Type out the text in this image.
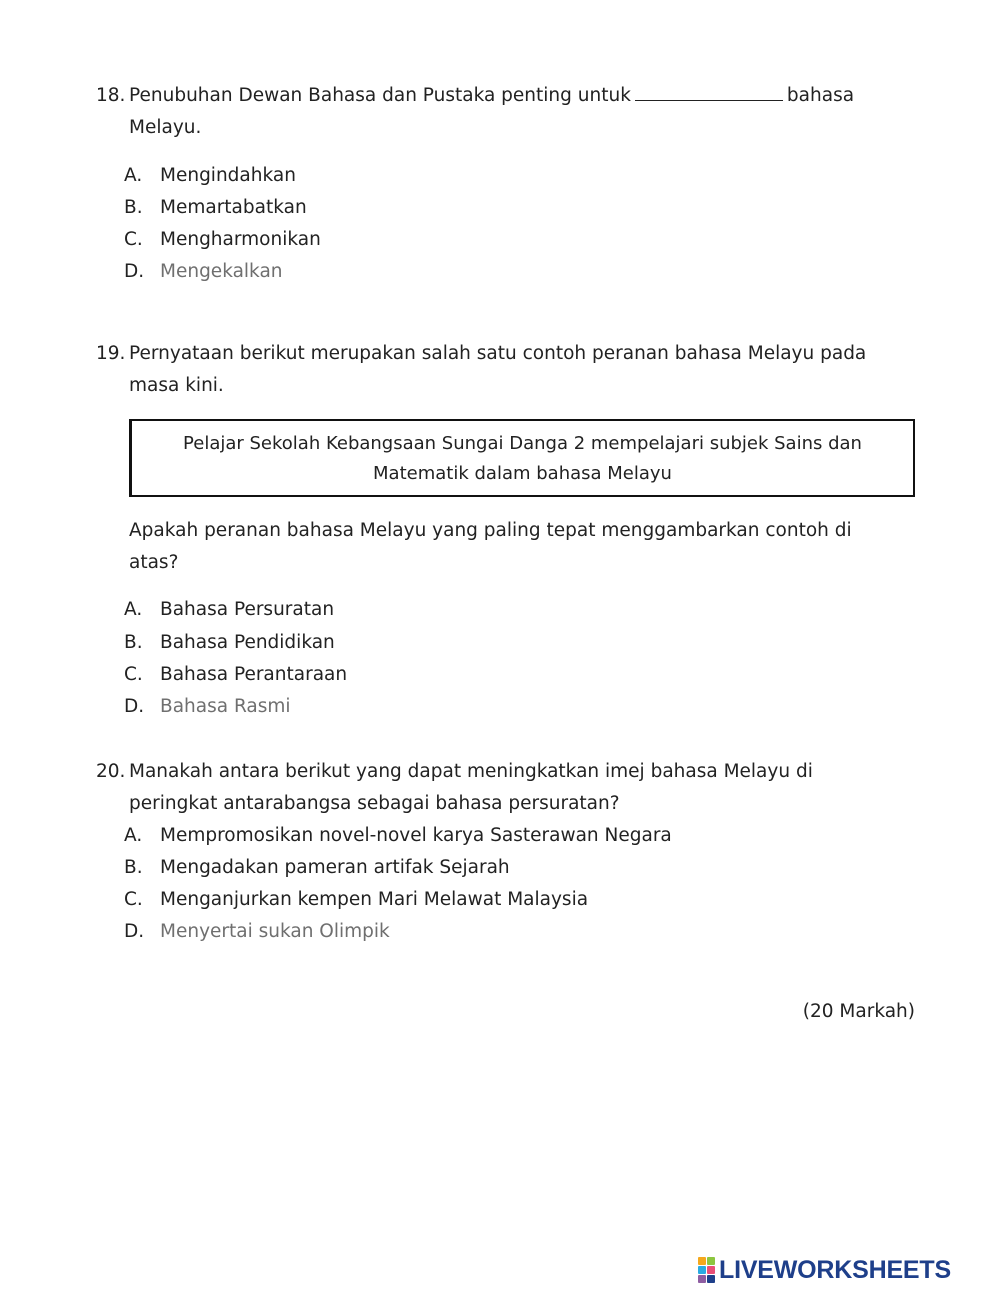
18. Penubuhan Dewan Bahasa dan Pustaka penting untuk	bahasa
Melayu.
A. Mengindahkan
B. Memartabatkan
C. Mengharmonikan
D. Mengekalkan
19. Pernyataan berikut merupakan salah satu contoh peranan bahasa Melayu pada
masa kini.
Pelajar Sekolah Kebangsaan Sungai Danga 2 mempelajari subjek Sains dan
Matematik dalam bahasa Melayu
Apakah peranan bahasa Melayu yang paling tepat menggambarkan contoh di
atas?
A. Bahasa Persuratan
B. Bahasa Pendidikan
C. Bahasa Perantaraan
D. Bahasa Rasmi
20. Manakah antara berikut yang dapat meningkatkan imej bahasa Melayu di
peringkat antarabangsa sebagai bahasa persuratan?
A. Mempromosikan novel-novel karya Sasterawan Negara
B. Mengadakan pameran artifak Sejarah
C. Menganjurkan kempen Mari Melawat Malaysia
D. Menyertai sukan Olimpik
(20 Markah)
LIVEWORKSHEETS
